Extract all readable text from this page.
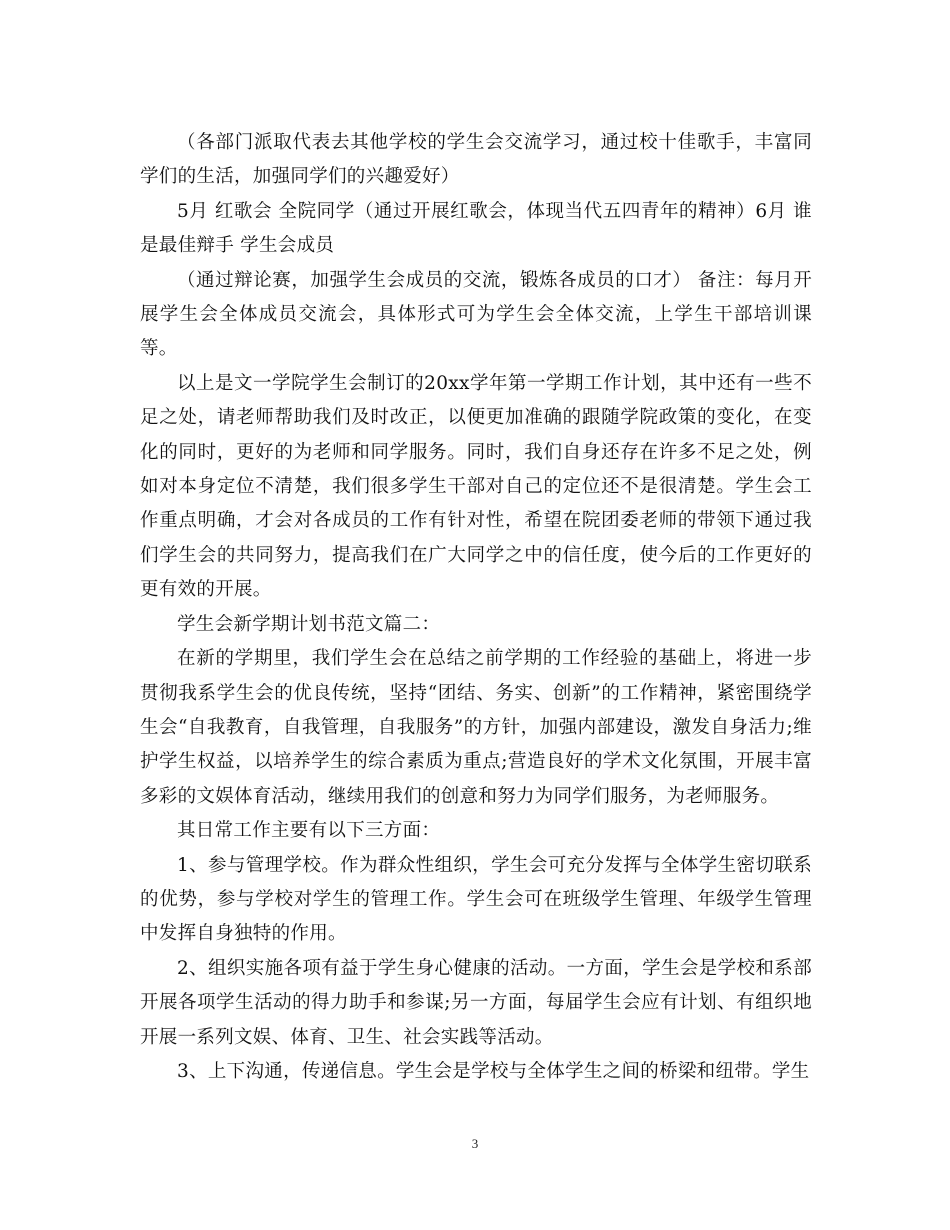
（各部门派取代表去其他学校的学生会交流学习，通过校十佳歌手，丰富同学们的生活，加强同学们的兴趣爱好）

5月 红歌会 全院同学（通过开展红歌会，体现当代五四青年的精神）6月 谁是最佳辩手 学生会成员

（通过辩论赛，加强学生会成员的交流，锻炼各成员的口才） 备注：每月开展学生会全体成员交流会，具体形式可为学生会全体交流，上学生干部培训课等。

以上是文一学院学生会制订的20xx学年第一学期工作计划，其中还有一些不足之处，请老师帮助我们及时改正，以便更加准确的跟随学院政策的变化，在变化的同时，更好的为老师和同学服务。同时，我们自身还存在许多不足之处，例如对本身定位不清楚，我们很多学生干部对自己的定位还不是很清楚。学生会工作重点明确，才会对各成员的工作有针对性，希望在院团委老师的带领下通过我们学生会的共同努力，提高我们在广大同学之中的信任度，使今后的工作更好的更有效的开展。

学生会新学期计划书范文篇二：

在新的学期里，我们学生会在总结之前学期的工作经验的基础上，将进一步贯彻我系学生会的优良传统，坚持“团结、务实、创新”的工作精神，紧密围绕学生会“自我教育，自我管理，自我服务”的方针，加强内部建设，激发自身活力;维护学生权益，以培养学生的综合素质为重点;营造良好的学术文化氛围，开展丰富多彩的文娱体育活动，继续用我们的创意和努力为同学们服务，为老师服务。

其日常工作主要有以下三方面：

1、参与管理学校。作为群众性组织，学生会可充分发挥与全体学生密切联系的优势，参与学校对学生的管理工作。学生会可在班级学生管理、年级学生管理中发挥自身独特的作用。

2、组织实施各项有益于学生身心健康的活动。一方面，学生会是学校和系部开展各项学生活动的得力助手和参谋;另一方面，每届学生会应有计划、有组织地开展一系列文娱、体育、卫生、社会实践等活动。

3、上下沟通，传递信息。学生会是学校与全体学生之间的桥梁和纽带。学生

3
